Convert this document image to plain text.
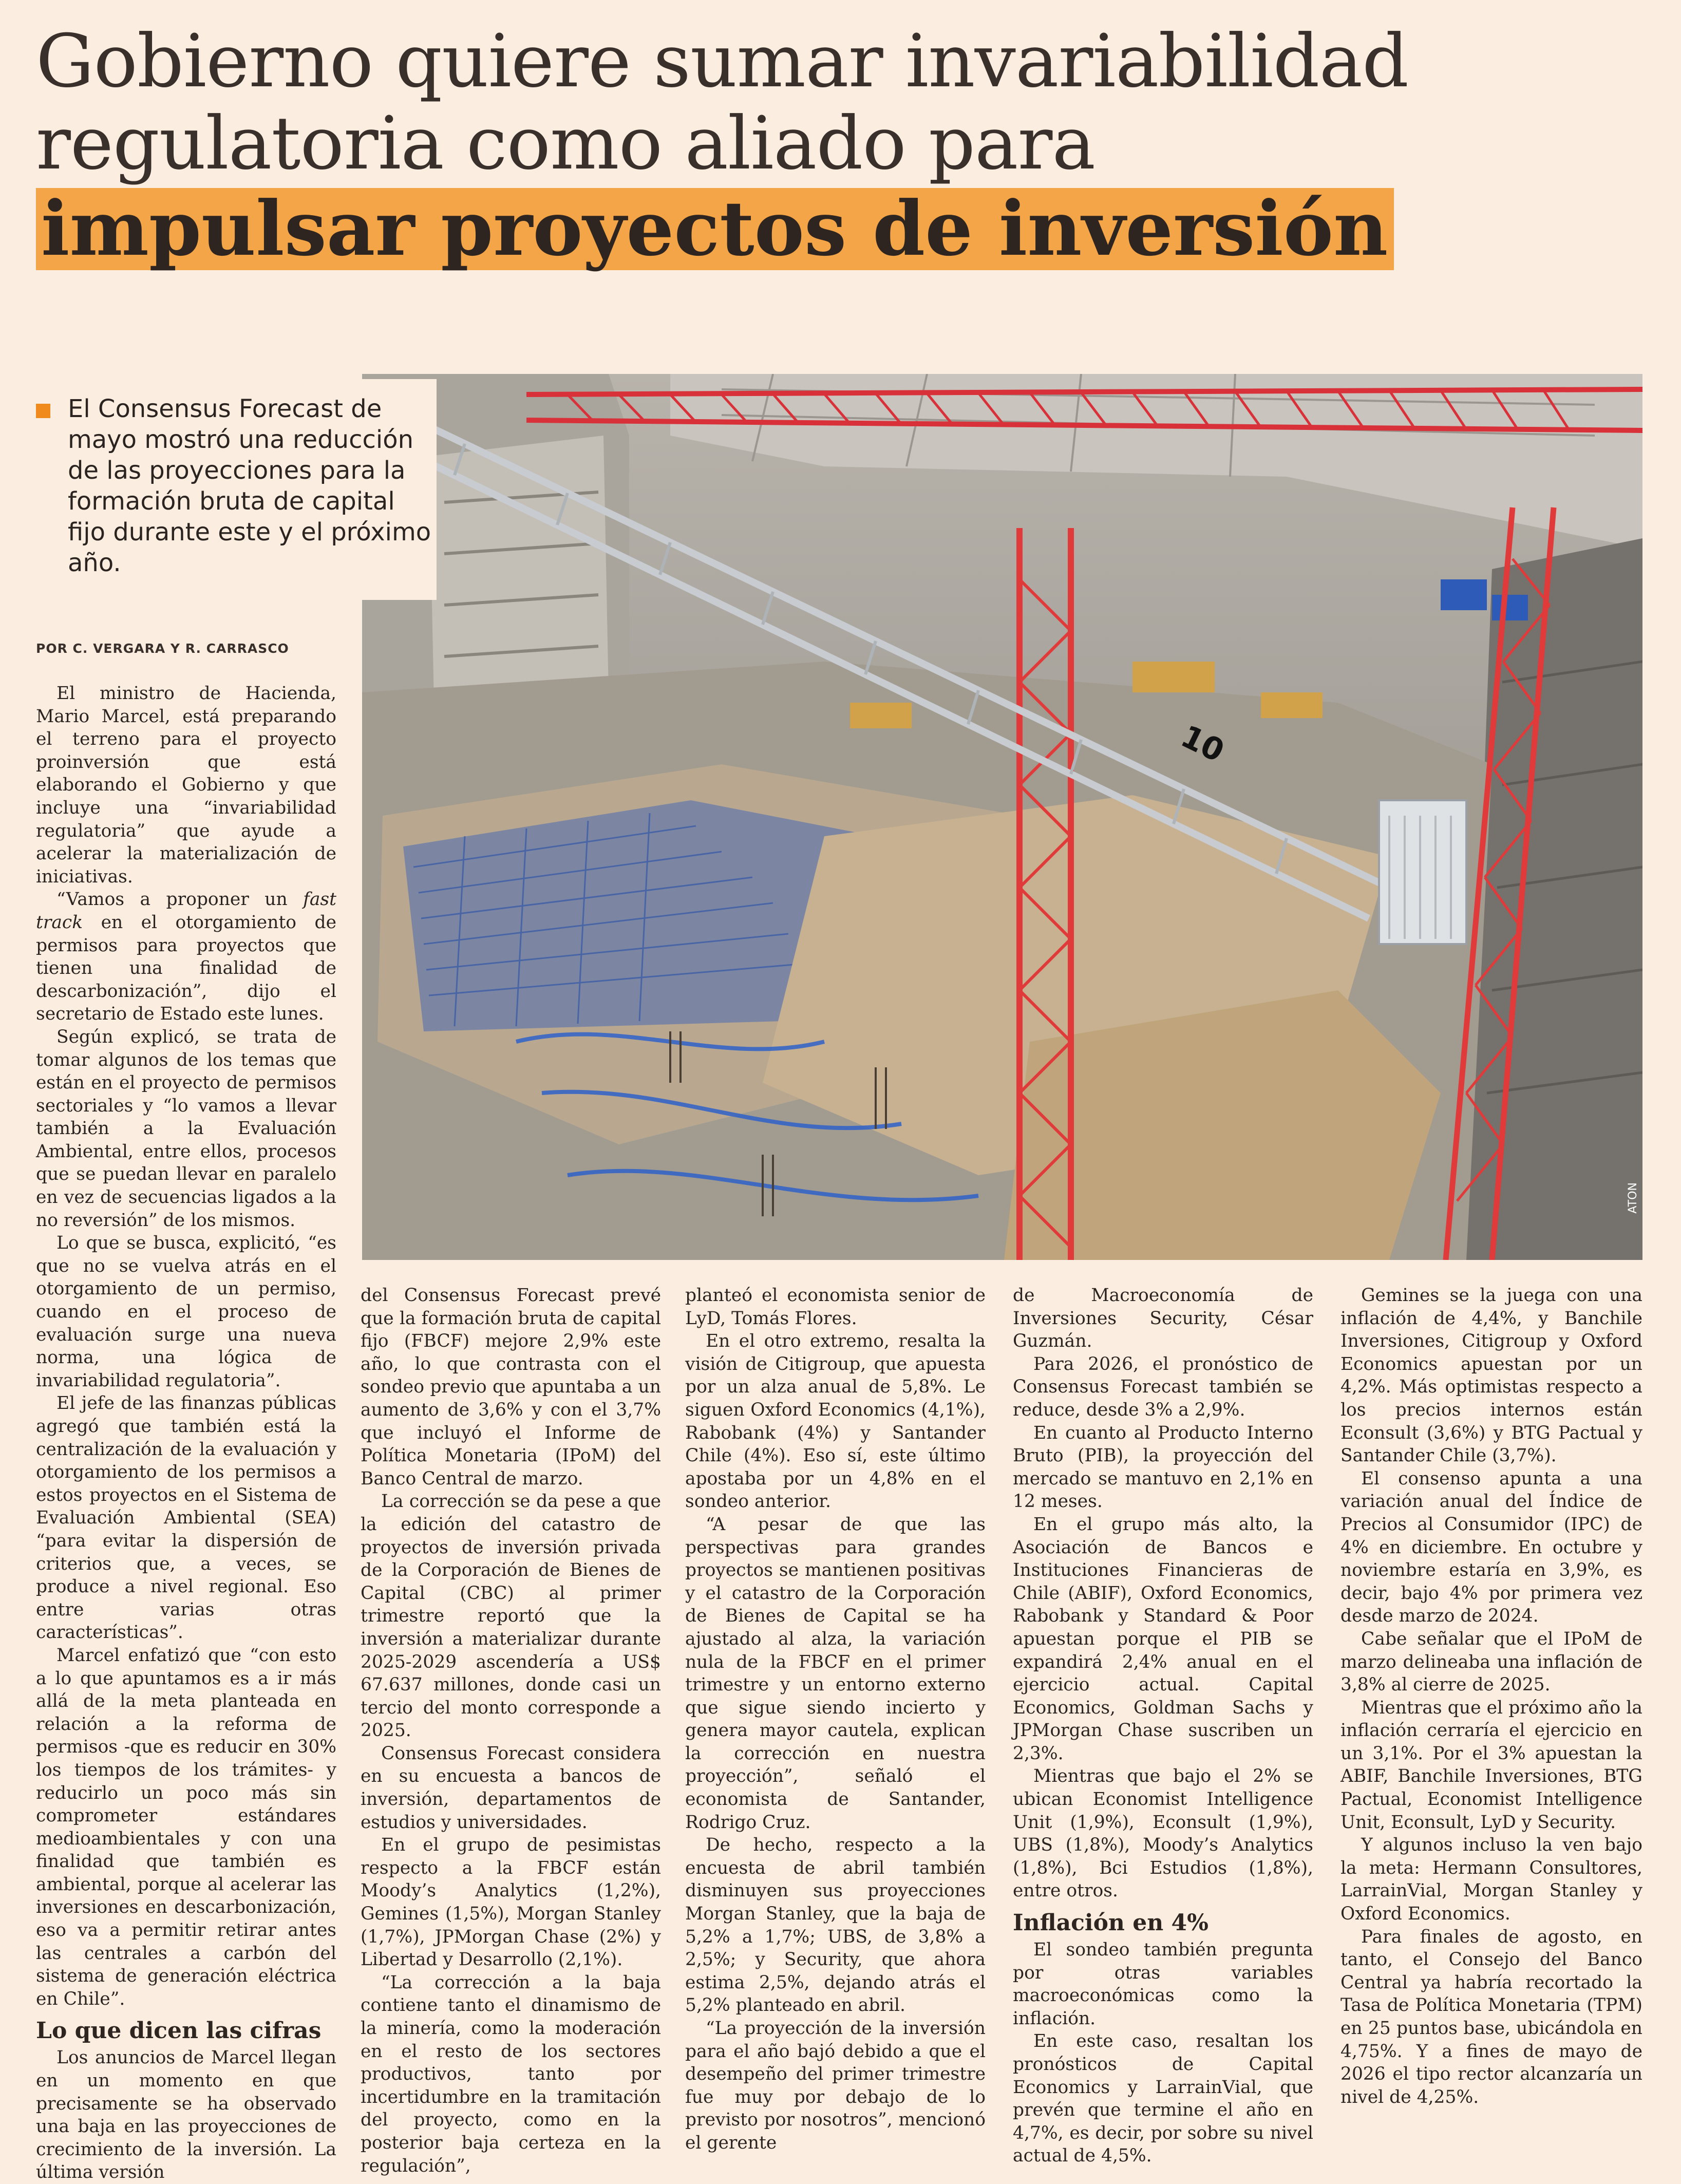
Gobierno quiere sumar invariabilidad
regulatoria como aliado para
impulsar proyectos de inversión
10
ATON
El Consensus Forecast de mayo mostró una reducción de las proyecciones para la formación bruta de capital fijo durante este y el próximo año.
POR C. VERGARA Y R. CARRASCO

El ministro de Hacienda, Mario Marcel, está preparando el terreno para el proyecto proinversión que está elaborando el Gobierno y que incluye una “invariabilidad regulatoria” que ayude a acelerar la materialización de iniciativas.

“Vamos a proponer un fast track en el otorgamiento de permisos para proyectos que tienen una finalidad de descarbonización”, dijo el secretario de Estado este lunes.

Según explicó, se trata de tomar algunos de los temas que están en el proyecto de permisos sectoriales y “lo vamos a llevar también a la Evaluación Ambiental, entre ellos, procesos que se puedan llevar en paralelo en vez de secuencias ligados a la no reversión” de los mismos.

Lo que se busca, explicitó, “es que no se vuelva atrás en el otorgamiento de un permiso, cuando en el proceso de evaluación surge una nueva norma, una lógica de invariabilidad regulatoria”.

El jefe de las finanzas públicas agregó que también está la centralización de la evaluación y otorgamiento de los permisos a estos proyectos en el Sistema de Evaluación Ambiental (SEA) “para evitar la dispersión de criterios que, a veces, se produce a nivel regional. Eso entre varias otras características”.

Marcel enfatizó que “con esto a lo que apuntamos es a ir más allá de la meta planteada en relación a la reforma de permisos -que es reducir en 30% los tiempos de los trámites- y reducirlo un poco más sin comprometer estándares medioambientales y con una finalidad que también es ambiental, porque al acelerar las inversiones en descarbonización, eso va a permitir retirar antes las centrales a carbón del sistema de generación eléctrica en Chile”.

Lo que dicen las cifras

Los anuncios de Marcel llegan en un momento en que precisamente se ha observado una baja en las proyecciones de crecimiento de la inversión. La última versión

del Consensus Forecast prevé que la formación bruta de capital fijo (FBCF) mejore 2,9% este año, lo que contrasta con el sondeo previo que apuntaba a un aumento de 3,6% y con el 3,7% que incluyó el Informe de Política Monetaria (IPoM) del Banco Central de marzo.

La corrección se da pese a que la edición del catastro de proyectos de inversión privada de la Corporación de Bienes de Capital (CBC) al primer trimestre reportó que la inversión a materializar durante 2025-2029 ascendería a US$ 67.637 millones, donde casi un tercio del monto corresponde a 2025.

Consensus Forecast considera en su encuesta a bancos de inversión, departamentos de estudios y universidades.

En el grupo de pesimistas respecto a la FBCF están Moody’s Analytics (1,2%), Gemines (1,5%), Morgan Stanley (1,7%), JPMorgan Chase (2%) y Libertad y Desarrollo (2,1%).

“La corrección a la baja contiene tanto el dinamismo de la minería, como la moderación en el resto de los sectores productivos, tanto por incertidumbre en la tramitación del proyecto, como en la posterior baja certeza en la regulación”,

planteó el economista senior de LyD, Tomás Flores.

En el otro extremo, resalta la visión de Citigroup, que apuesta por un alza anual de 5,8%. Le siguen Oxford Economics (4,1%), Rabobank (4%) y Santander Chile (4%). Eso sí, este último apostaba por un 4,8% en el sondeo anterior.

“A pesar de que las perspectivas para grandes proyectos se mantienen positivas y el catastro de la Corporación de Bienes de Capital se ha ajustado al alza, la variación nula de la FBCF en el primer trimestre y un entorno externo que sigue siendo incierto y genera mayor cautela, explican la corrección en nuestra proyección”, señaló el economista de Santander, Rodrigo Cruz.

De hecho, respecto a la encuesta de abril también disminuyen sus proyecciones Morgan Stanley, que la baja de 5,2% a 1,7%; UBS, de 3,8% a 2,5%; y Security, que ahora estima 2,5%, dejando atrás el 5,2% planteado en abril.

“La proyección de la inversión para el año bajó debido a que el desempeño del primer trimestre fue muy por debajo de lo previsto por nosotros”, mencionó el gerente

de Macroeconomía de Inversiones Security, César Guzmán.

Para 2026, el pronóstico de Consensus Forecast también se reduce, desde 3% a 2,9%.

En cuanto al Producto Interno Bruto (PIB), la proyección del mercado se mantuvo en 2,1% en 12 meses.

En el grupo más alto, la Asociación de Bancos e Instituciones Financieras de Chile (ABIF), Oxford Economics, Rabobank y Standard & Poor apuestan porque el PIB se expandirá 2,4% anual en el ejercicio actual. Capital Economics, Goldman Sachs y JPMorgan Chase suscriben un 2,3%.

Mientras que bajo el 2% se ubican Economist Intelligence Unit (1,9%), Econsult (1,9%), UBS (1,8%), Moody’s Analytics (1,8%), Bci Estudios (1,8%), entre otros.

Inflación en 4%

El sondeo también pregunta por otras variables macroeconómicas como la inflación.

En este caso, resaltan los pronósticos de Capital Economics y LarrainVial, que prevén que termine el año en 4,7%, es decir, por sobre su nivel actual de 4,5%.

Gemines se la juega con una inflación de 4,4%, y Banchile Inversiones, Citigroup y Oxford Economics apuestan por un 4,2%. Más optimistas respecto a los precios internos están Econsult (3,6%) y BTG Pactual y Santander Chile (3,7%).

El consenso apunta a una variación anual del Índice de Precios al Consumidor (IPC) de 4% en diciembre. En octubre y noviembre estaría en 3,9%, es decir, bajo 4% por primera vez desde marzo de 2024.

Cabe señalar que el IPoM de marzo delineaba una inflación de 3,8% al cierre de 2025.

Mientras que el próximo año la inflación cerraría el ejercicio en un 3,1%. Por el 3% apuestan la ABIF, Banchile Inversiones, BTG Pactual, Economist Intelligence Unit, Econsult, LyD y Security.

Y algunos incluso la ven bajo la meta: Hermann Consultores, LarrainVial, Morgan Stanley y Oxford Economics.

Para finales de agosto, en tanto, el Consejo del Banco Central ya habría recortado la Tasa de Política Monetaria (TPM) en 25 puntos base, ubicándola en 4,75%. Y a fines de mayo de 2026 el tipo rector alcanzaría un nivel de 4,25%.
